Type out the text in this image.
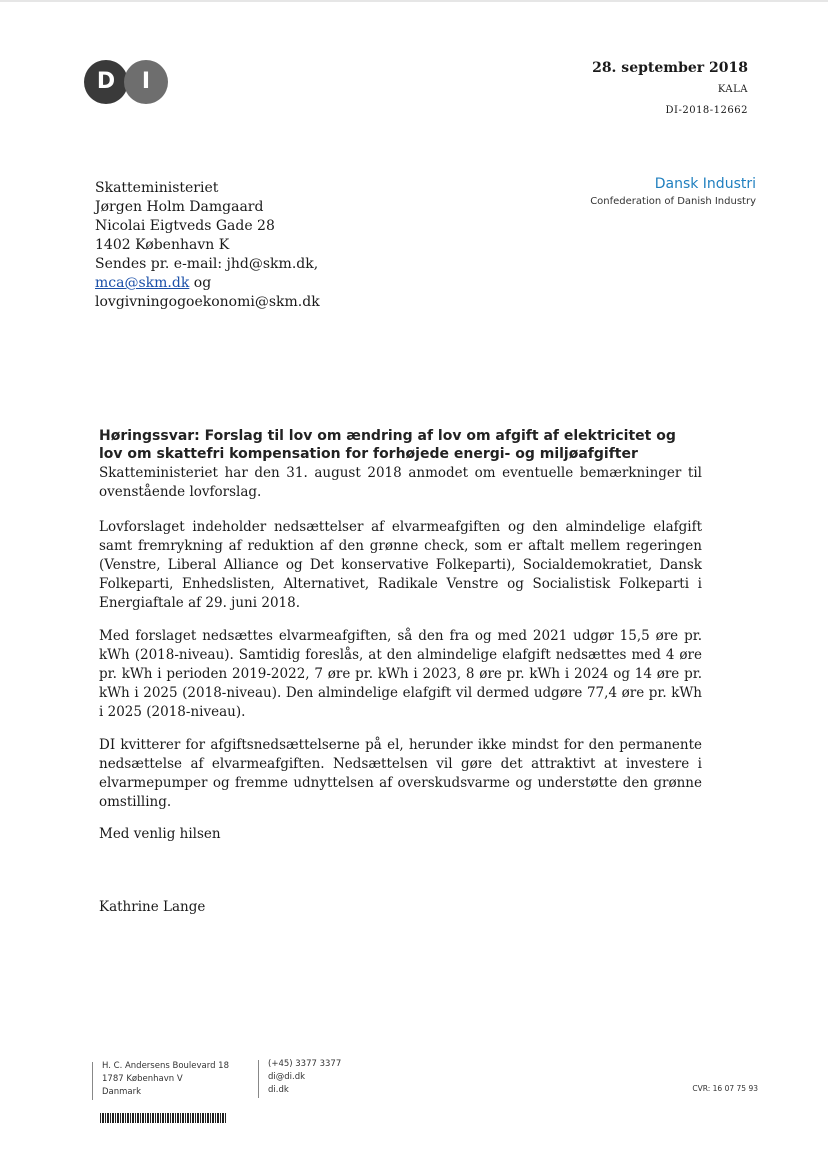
D	I
28. september 2018
KALA
DI-2018-12662
Dansk Industri
Confederation of Danish Industry
Skatteministeriet
Jørgen Holm Damgaard
Nicolai Eigtveds Gade 28
1402 København K
Sendes pr. e-mail: jhd@skm.dk,
mca@skm.dk og
lovgivningogoekonomi@skm.dk
Høringssvar: Forslag til lov om ændring af lov om afgift af elektricitet og lov om skattefri kompensation for forhøjede energi- og miljøafgifter
Skatteministeriet har den 31. august 2018 anmodet om eventuelle bemærkninger til ovenstående lovforslag.
Lovforslaget indeholder nedsættelser af elvarmeafgiften og den almindelige elafgift samt fremrykning af reduktion af den grønne check, som er aftalt mellem regeringen (Venstre, Liberal Alliance og Det konservative Folkeparti), Socialdemokratiet, Dansk Folkeparti, Enhedslisten, Alternativet, Radikale Venstre og Socialistisk Folkeparti i Energiaftale af 29. juni 2018.
Med forslaget nedsættes elvarmeafgiften, så den fra og med 2021 udgør 15,5 øre pr. kWh (2018-niveau). Samtidig foreslås, at den almindelige elafgift nedsættes med 4 øre pr. kWh i perioden 2019-2022, 7 øre pr. kWh i 2023, 8 øre pr. kWh i 2024 og 14 øre pr. kWh i 2025 (2018-niveau). Den almindelige elafgift vil dermed udgøre 77,4 øre pr. kWh i 2025 (2018-niveau).
DI kvitterer for afgiftsnedsættelserne på el, herunder ikke mindst for den permanente nedsættelse af elvarmeafgiften. Nedsættelsen vil gøre det attraktivt at investere i elvarmepumper og fremme udnyttelsen af overskudsvarme og understøtte den grønne omstilling.
Med venlig hilsen
Kathrine Lange
H. C. Andersens Boulevard 18
1787 København V
Danmark
(+45) 3377 3377
di@di.dk
di.dk	CVR: 16 07 75 93
